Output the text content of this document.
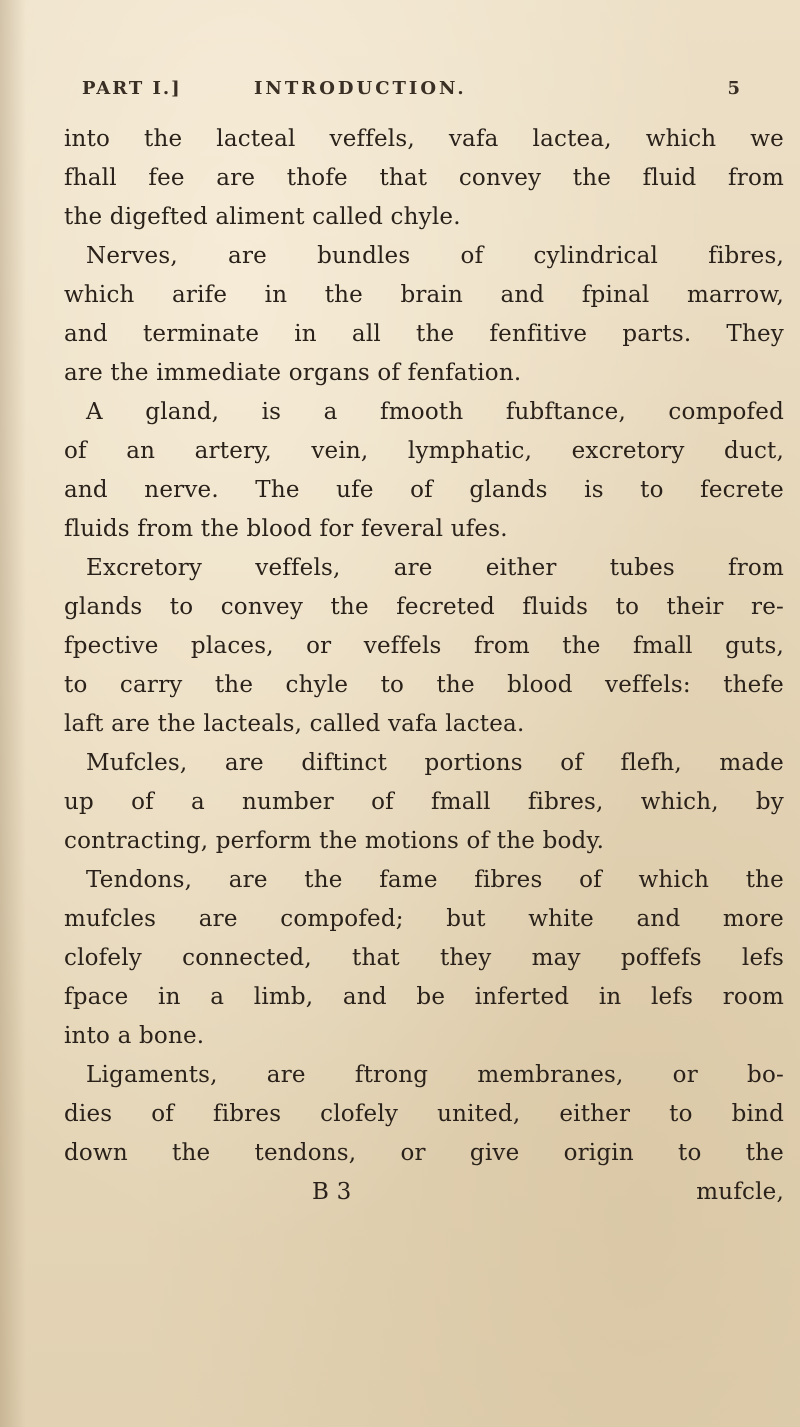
PART I.]	INTRODUCTION.	5
into the lacteal veffels, vafa lactea, which we
fhall fee are thofe that convey the fluid from
the digefted aliment called chyle.
Nerves, are bundles of cylindrical fibres,
which arife in the brain and fpinal marrow,
and terminate in all the fenfitive parts. They
are the immediate organs of fenfation.
A gland, is a fmooth fubftance, compofed
of an artery, vein, lymphatic, excretory duct,
and nerve. The ufe of glands is to fecrete
fluids from the blood for feveral ufes.
Excretory veffels, are either tubes from
glands to convey the fecreted fluids to their re-
fpective places, or veffels from the fmall guts,
to carry the chyle to the blood veffels: thefe
laft are the lacteals, called vafa lactea.
Mufcles, are diftinct portions of flefh, made
up of a number of fmall fibres, which, by
contracting, perform the motions of the body.
Tendons, are the fame fibres of which the
mufcles are compofed; but white and more
clofely connected, that they may poffefs lefs
fpace in a limb, and be inferted in lefs room
into a bone.
Ligaments, are ftrong membranes, or bo-
dies of fibres clofely united, either to bind
down the tendons, or give origin to the
B 3	mufcle,
